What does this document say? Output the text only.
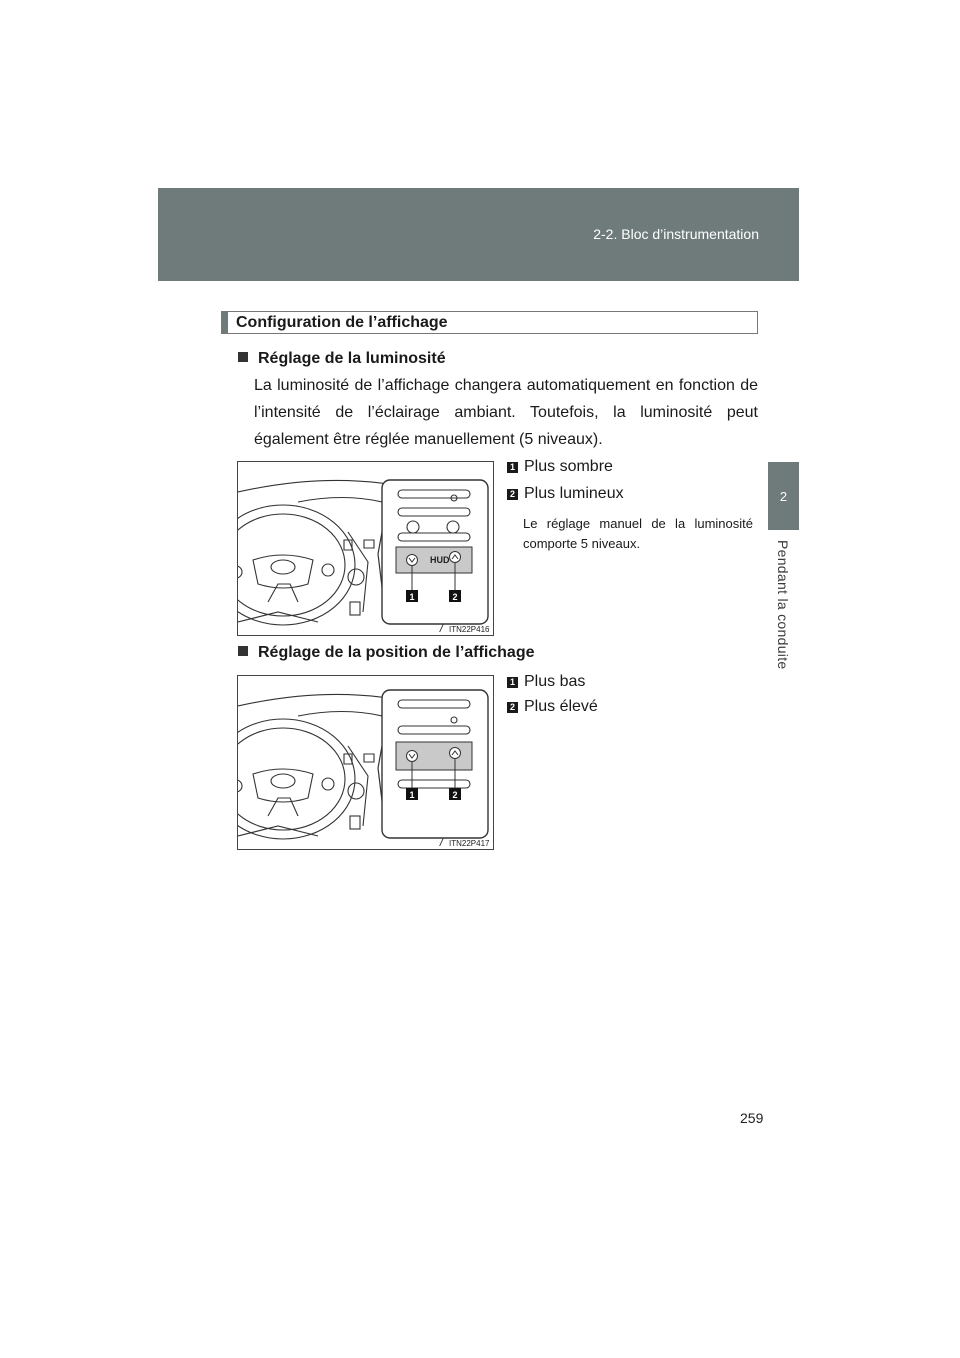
2-2. Bloc d’instrumentation
2
Pendant la conduite
Configuration de l’affichage
Réglage de la luminosité
La luminosité de l’affichage changera automatiquement en fonction de l’intensité de l’éclairage ambiant. Toutefois, la luminosité peut également être réglée manuellement (5 niveaux).
1 Plus sombre
2 Plus lumineux
Le réglage manuel de la luminosité comporte 5 niveaux.
HUD
1	2
ITN22P416
Réglage de la position de l’affichage
1 Plus bas
2 Plus élevé
1	2
ITN22P417
259
